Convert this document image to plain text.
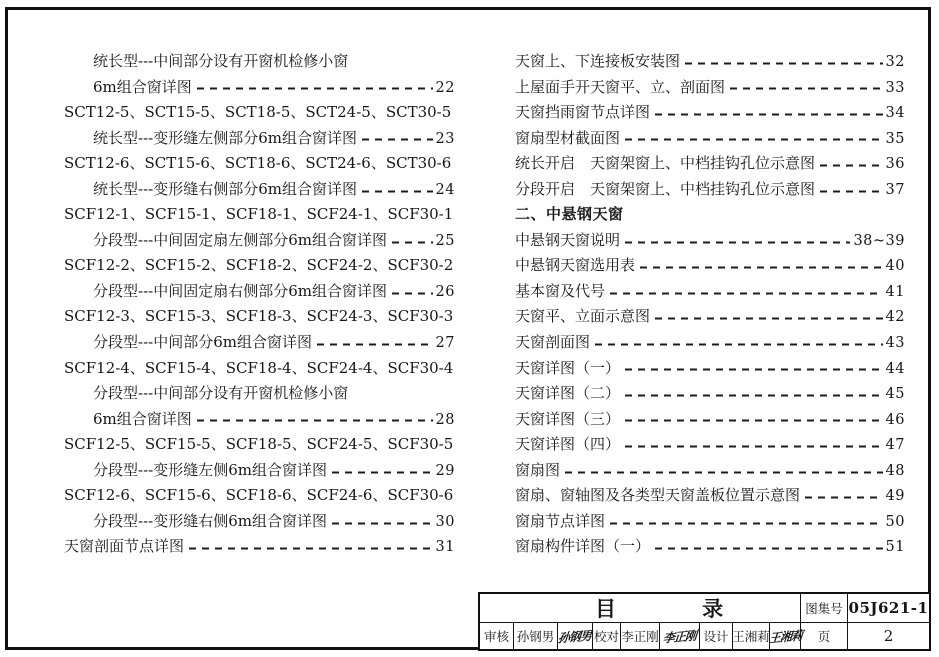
统长型---中间部分设有开窗机检修小窗
6m组合窗详图	22
SCT12-5、SCT15-5、SCT18-5、SCT24-5、SCT30-5
统长型---变形缝左侧部分6m组合窗详图	23
SCT12-6、SCT15-6、SCT18-6、SCT24-6、SCT30-6
统长型---变形缝右侧部分6m组合窗详图	24
SCF12-1、SCF15-1、SCF18-1、SCF24-1、SCF30-1
分段型---中间固定扇左侧部分6m组合窗详图	25
SCF12-2、SCF15-2、SCF18-2、SCF24-2、SCF30-2
分段型---中间固定扇右侧部分6m组合窗详图	26
SCF12-3、SCF15-3、SCF18-3、SCF24-3、SCF30-3
分段型---中间部分6m组合窗详图	27
SCF12-4、SCF15-4、SCF18-4、SCF24-4、SCF30-4
分段型---中间部分设有开窗机检修小窗
6m组合窗详图	28
SCF12-5、SCF15-5、SCF18-5、SCF24-5、SCF30-5
分段型---变形缝左侧6m组合窗详图	29
SCF12-6、SCF15-6、SCF18-6、SCF24-6、SCF30-6
分段型---变形缝右侧6m组合窗详图	30
天窗剖面节点详图	31
天窗上、下连接板安装图	32
上屋面手开天窗平、立、剖面图	33
天窗挡雨窗节点详图	34
窗扇型材截面图	35
统长开启　天窗架窗上、中档挂钩孔位示意图	36
分段开启　天窗架窗上、中档挂钩孔位示意图	37
二、中悬钢天窗
中悬钢天窗说明	38~39
中悬钢天窗选用表	40
基本窗及代号	41
天窗平、立面示意图	42
天窗剖面图	43
天窗详图（一）	44
天窗详图（二）	45
天窗详图（三）	46
天窗详图（四）	47
窗扇图	48
窗扇、窗轴图及各类型天窗盖板位置示意图	49
窗扇节点详图	50
窗扇构件详图（一）	51
目录
图集号 05J621-1
审核 孙钢男 孙钢男 校对 李正刚 李正刚 设计 王湘莉
王湘莉 页	2
